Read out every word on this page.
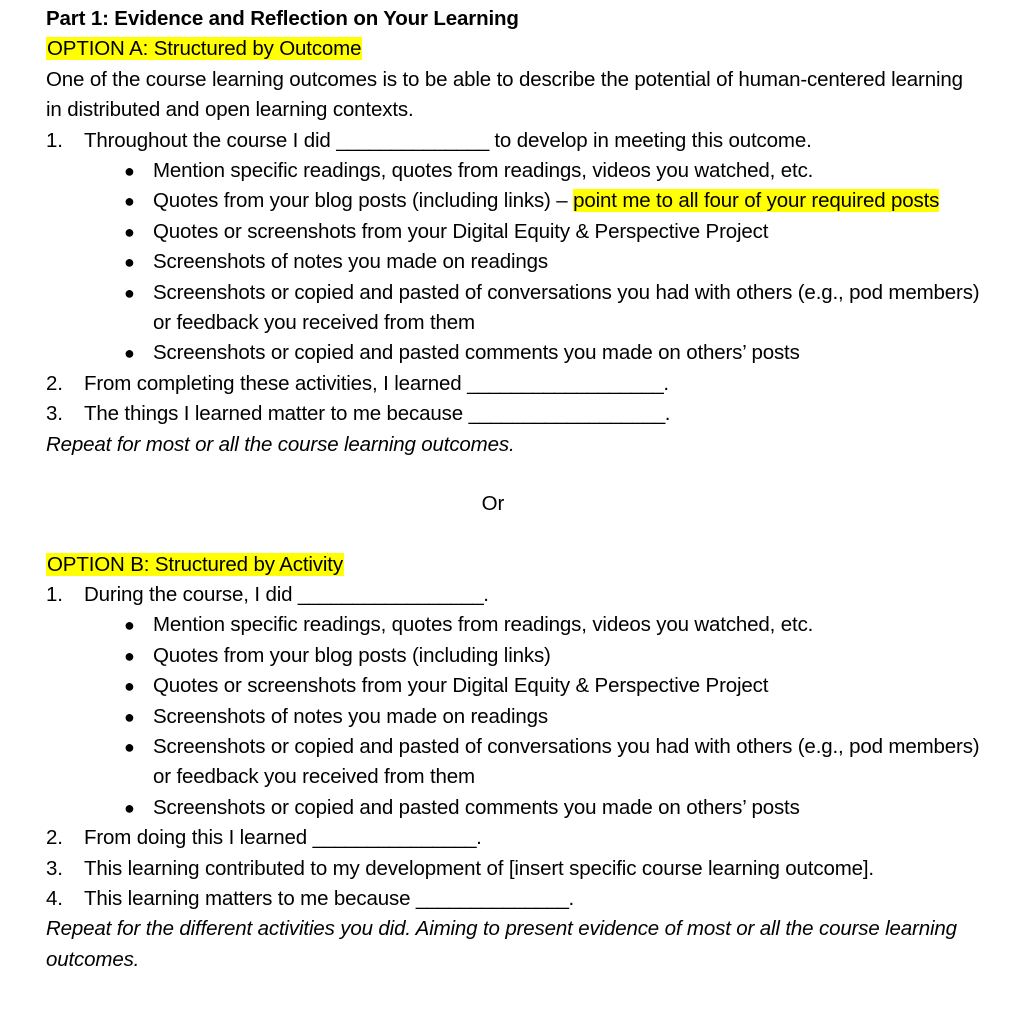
Part 1: Evidence and Reflection on Your Learning
OPTION A: Structured by Outcome
One of the course learning outcomes is to be able to describe the potential of human-centered learning in distributed and open learning contexts.
1.	Throughout the course I did ______________ to develop in meeting this outcome.
● Mention specific readings, quotes from readings, videos you watched, etc.
● Quotes from your blog posts (including links) – point me to all four of your required posts
● Quotes or screenshots from your Digital Equity & Perspective Project
● Screenshots of notes you made on readings
● Screenshots or copied and pasted of conversations you had with others (e.g., pod members) or feedback you received from them
● Screenshots or copied and pasted comments you made on others’ posts
2.	From completing these activities, I learned __________________.
3.	The things I learned matter to me because __________________.
Repeat for most or all the course learning outcomes.
Or
OPTION B: Structured by Activity
1.	During the course, I did _________________.
● Mention specific readings, quotes from readings, videos you watched, etc.
● Quotes from your blog posts (including links)
● Quotes or screenshots from your Digital Equity & Perspective Project
● Screenshots of notes you made on readings
● Screenshots or copied and pasted of conversations you had with others (e.g., pod members) or feedback you received from them
● Screenshots or copied and pasted comments you made on others’ posts
2.	From doing this I learned _______________.
3.	This learning contributed to my development of [insert specific course learning outcome].
4.	This learning matters to me because ______________.
Repeat for the different activities you did. Aiming to present evidence of most or all the course learning outcomes.
